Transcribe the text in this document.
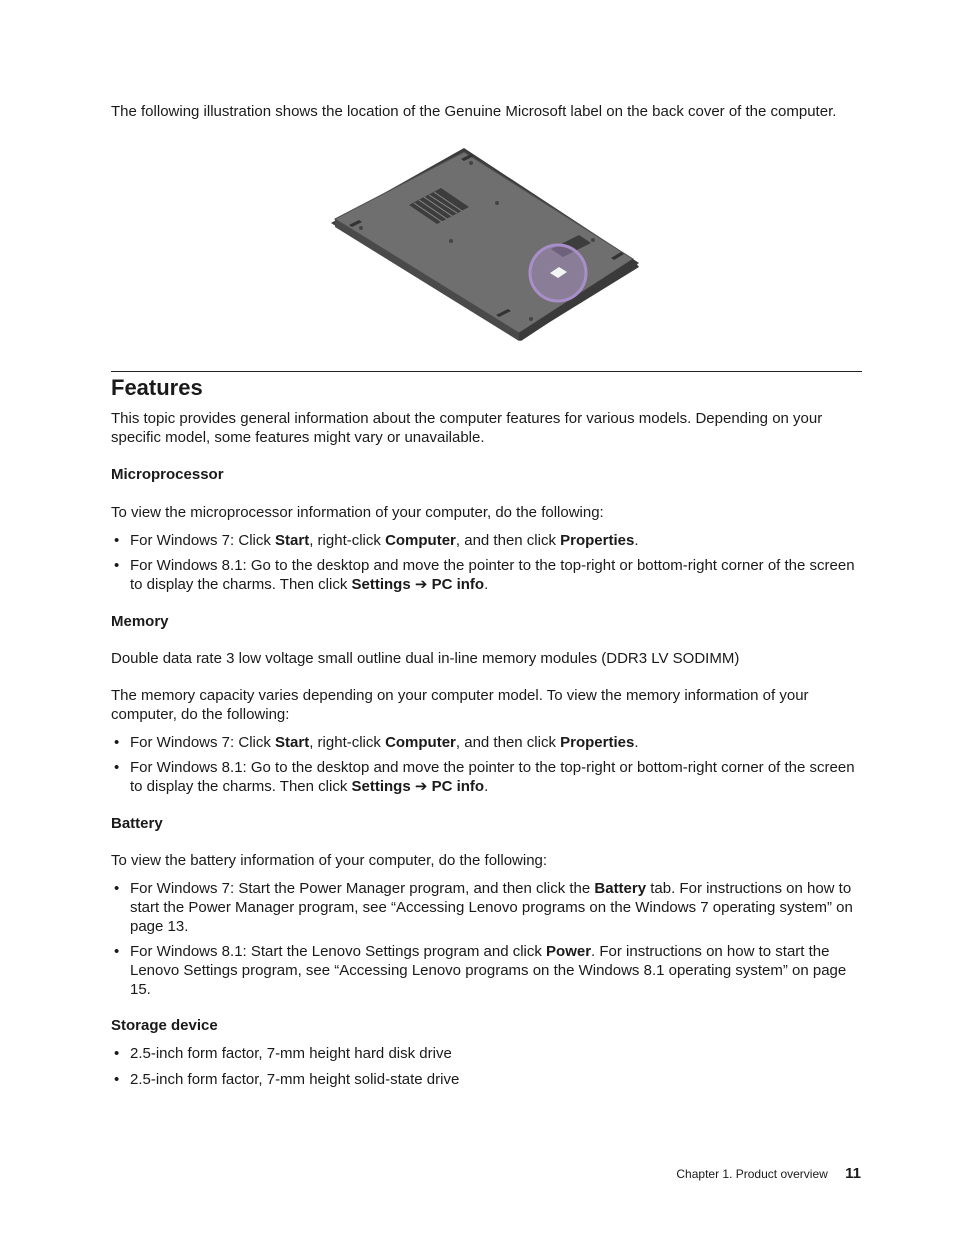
The following illustration shows the location of the Genuine Microsoft label on the back cover of the computer.

Features

This topic provides general information about the computer features for various models. Depending on your specific model, some features might vary or unavailable.

Microprocessor

To view the microprocessor information of your computer, do the following:

• For Windows 7: Click Start, right-click Computer, and then click Properties.
• For Windows 8.1: Go to the desktop and move the pointer to the top-right or bottom-right corner of the screen to display the charms. Then click Settings ➔ PC info.
Memory

Double data rate 3 low voltage small outline dual in-line memory modules (DDR3 LV SODIMM)

The memory capacity varies depending on your computer model. To view the memory information of your computer, do the following:

• For Windows 7: Click Start, right-click Computer, and then click Properties.
• For Windows 8.1: Go to the desktop and move the pointer to the top-right or bottom-right corner of the screen to display the charms. Then click Settings ➔ PC info.
Battery

To view the battery information of your computer, do the following:

• For Windows 7: Start the Power Manager program, and then click the Battery tab. For instructions on how to start the Power Manager program, see “Accessing Lenovo programs on the Windows 7 operating system” on page 13.
• For Windows 8.1: Start the Lenovo Settings program and click Power. For instructions on how to start the Lenovo Settings program, see “Accessing Lenovo programs on the Windows 8.1 operating system” on page 15.
Storage device
• 2.5-inch form factor, 7-mm height hard disk drive
• 2.5-inch form factor, 7-mm height solid-state drive
Chapter 1. Product overview 11
